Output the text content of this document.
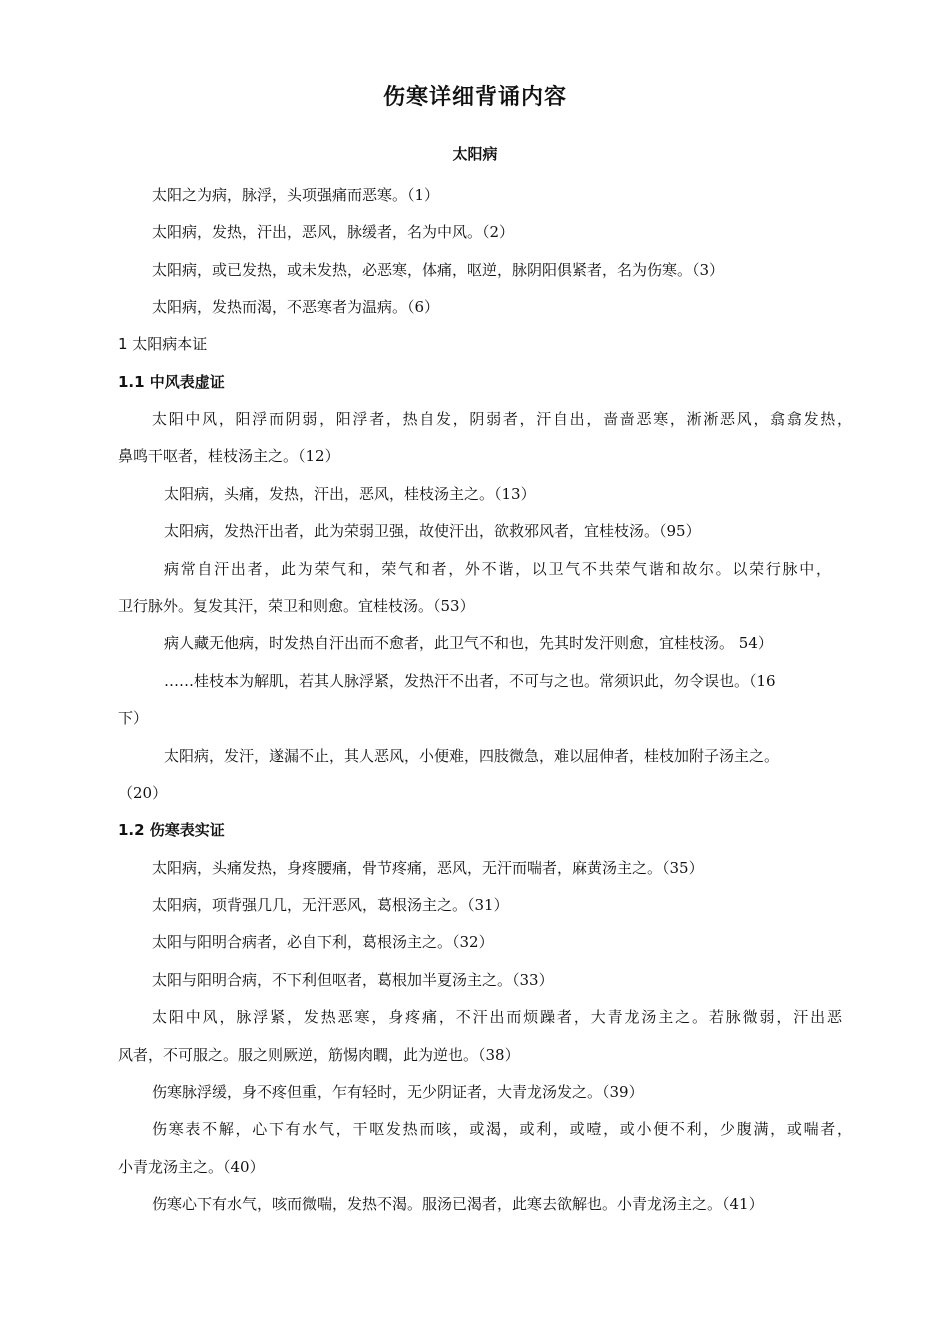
伤寒详细背诵内容
太阳病
太阳之为病，脉浮，头项强痛而恶寒。（1）
太阳病，发热，汗出，恶风，脉缓者，名为中风。（2）
太阳病，或已发热，或未发热，必恶寒，体痛，呕逆，脉阴阳俱紧者，名为伤寒。（3）
太阳病，发热而渴，不恶寒者为温病。（6）
1 太阳病本证
1.1 中风表虚证
太阳中风，阳浮而阴弱，阳浮者，热自发，阴弱者，汗自出，啬啬恶寒，淅淅恶风，翕翕发热，
鼻鸣干呕者，桂枝汤主之。（12）
太阳病，头痛，发热，汗出，恶风，桂枝汤主之。（13）
太阳病，发热汗出者，此为荣弱卫强，故使汗出，欲救邪风者，宜桂枝汤。（95）
病常自汗出者，此为荣气和，荣气和者，外不谐，以卫气不共荣气谐和故尔。以荣行脉中，
卫行脉外。复发其汗，荣卫和则愈。宜桂枝汤。（53）
病人藏无他病，时发热自汗出而不愈者，此卫气不和也，先其时发汗则愈，宜桂枝汤。 54）
……桂枝本为解肌，若其人脉浮紧，发热汗不出者，不可与之也。常须识此，勿令误也。（16
下）
太阳病，发汗，遂漏不止，其人恶风，小便难，四肢微急，难以屈伸者，桂枝加附子汤主之。
（20）
1.2 伤寒表实证
太阳病，头痛发热，身疼腰痛，骨节疼痛，恶风，无汗而喘者，麻黄汤主之。（35）
太阳病，项背强几几，无汗恶风，葛根汤主之。（31）
太阳与阳明合病者，必自下利，葛根汤主之。（32）
太阳与阳明合病，不下利但呕者，葛根加半夏汤主之。（33）
太阳中风，脉浮紧，发热恶寒，身疼痛，不汗出而烦躁者，大青龙汤主之。若脉微弱，汗出恶
风者，不可服之。服之则厥逆，筋惕肉瞤，此为逆也。（38）
伤寒脉浮缓，身不疼但重，乍有轻时，无少阴证者，大青龙汤发之。（39）
伤寒表不解，心下有水气，干呕发热而咳，或渴，或利，或噎，或小便不利，少腹满，或喘者，
小青龙汤主之。（40）
伤寒心下有水气，咳而微喘，发热不渴。服汤已渴者，此寒去欲解也。小青龙汤主之。（41）
